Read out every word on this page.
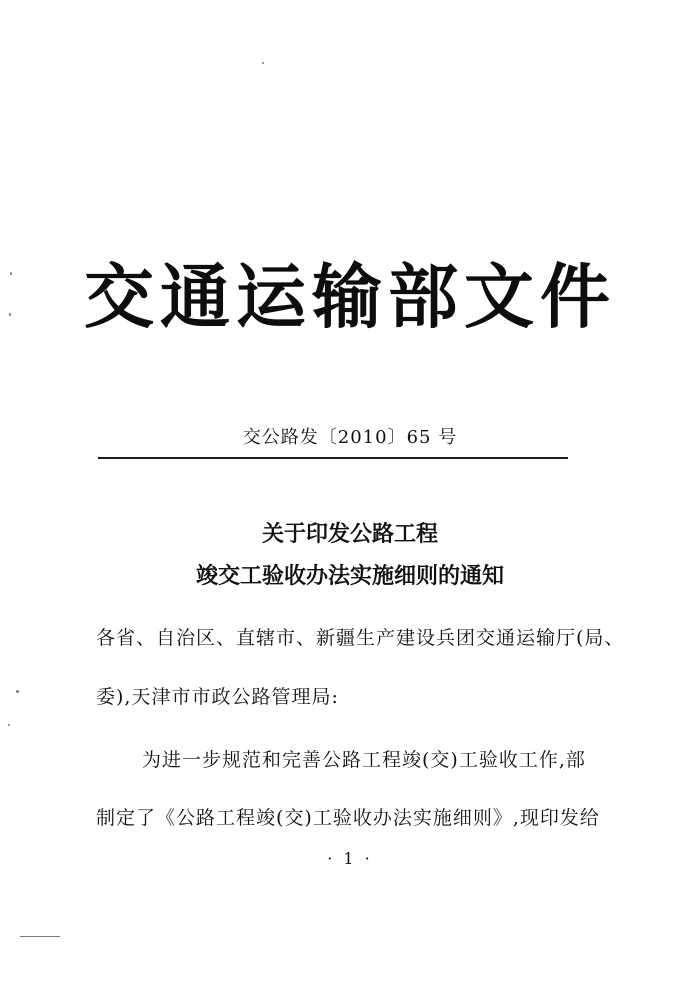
交通运输部文件
交公路发〔2010〕65 号
关于印发公路工程
竣交工验收办法实施细则的通知
各省、自治区、直辖市、新疆生产建设兵团交通运输厅(局、
委),天津市市政公路管理局:
为进一步规范和完善公路工程竣(交)工验收工作,部
制定了《公路工程竣(交)工验收办法实施细则》,现印发给
· 1 ·
